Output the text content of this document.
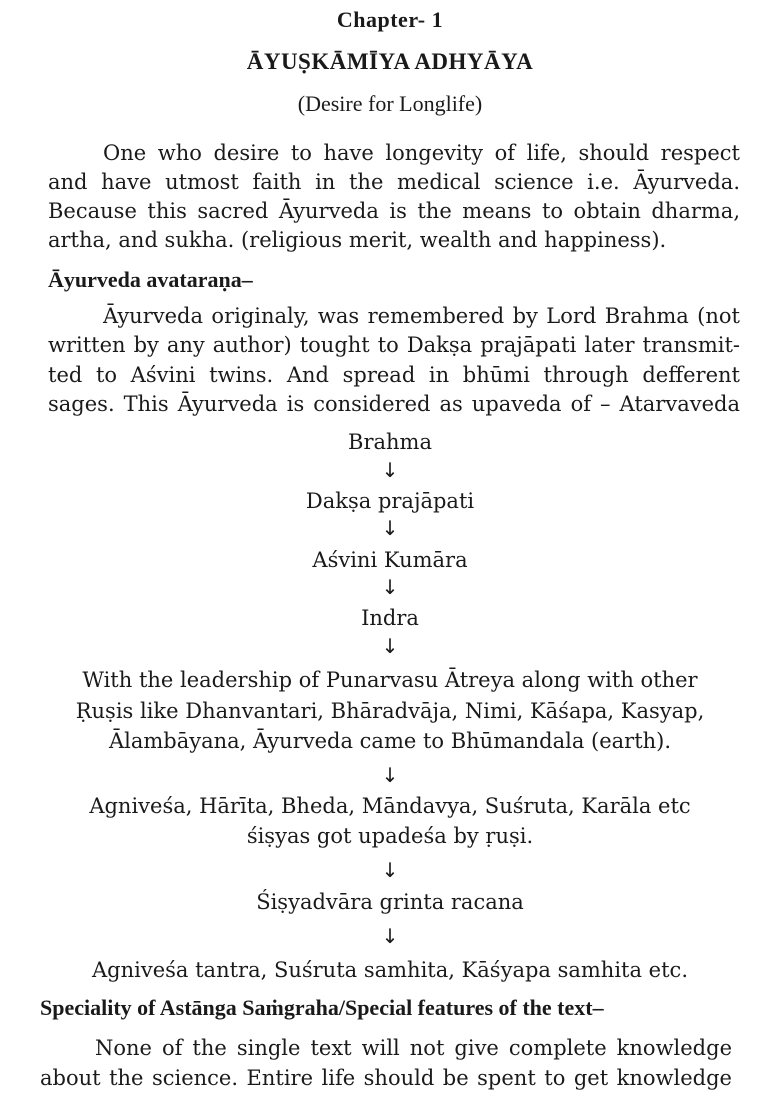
Chapter- 1
ĀYUṢKĀMĪYA ADHYĀYA
(Desire for Longlife)
One who desire to have longevity of life, should respect
and have utmost faith in the medical science i.e. Āyurveda.
Because this sacred Āyurveda is the means to obtain dharma,
artha, and sukha. (religious merit, wealth and happiness).
Āyurveda avataraṇa–
Āyurveda originaly, was remembered by Lord Brahma (not
written by any author) tought to Dakṣa prajāpati later transmit-
ted to Aśvini twins. And spread in bhūmi through defferent
sages. This Āyurveda is considered as upaveda of – Atarvaveda
Brahma
↓
Dakṣa prajāpati
↓
Aśvini Kumāra
↓
Indra
↓
With the leadership of Punarvasu Ātreya along with other
Ṛuṣis like Dhanvantari, Bhāradvāja, Nimi, Kāśapa, Kasyap,
Ālambāyana, Āyurveda came to Bhūmandala (earth).
↓
Agniveśa, Hārīta, Bheda, Māndavya, Suśruta, Karāla etc
śiṣyas got upadeśa by ṛuṣi.
↓
Śiṣyadvāra grinta racana
↓
Agniveśa tantra, Suśruta samhita, Kāśyapa samhita etc.
Speciality of Astānga Saṁgraha/Special features of the text–
None of the single text will not give complete knowledge
about the science. Entire life should be spent to get knowledge
